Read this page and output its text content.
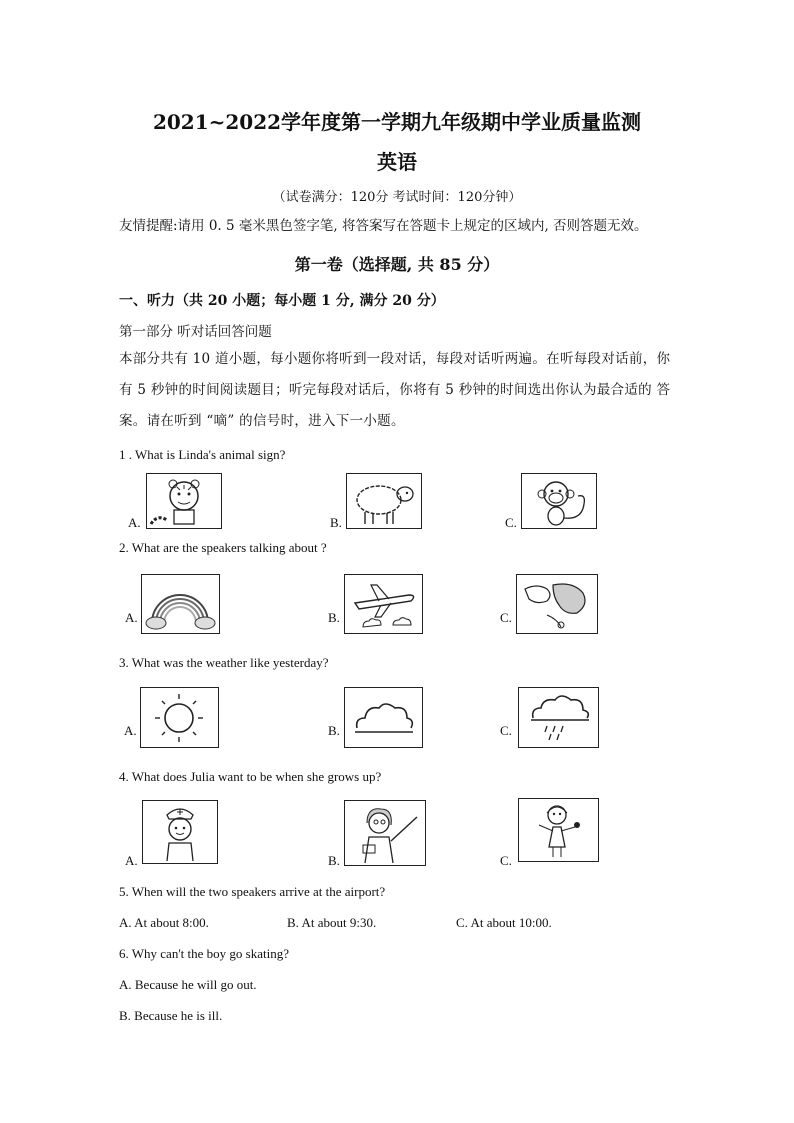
2021~2022学年度第一学期九年级期中学业质量监测
英语
（试卷满分：120分 考试时间：120分钟）
友情提醒:请用 0. 5 毫米黑色签字笔, 将答案写在答题卡上规定的区域内, 否则答题无效。
第一卷（选择题, 共 85 分）
一、听力（共 20 小题；每小题 1 分, 满分 20 分）
第一部分 听对话回答问题
本部分共有 10 道小题，每小题你将听到一段对话，每段对话听两遍。在听每段对话前，你有 5 秒钟的时间阅读题目；听完每段对话后，你将有 5 秒钟的时间选出你认为最合适的 答案。请在听到 “嘀” 的信号时，进入下一小题。
1 . What is Linda's animal sign?
A.	B.	C.
2. What are the speakers talking about ?
A.	B.	C.
3. What was the weather like yesterday?
A.	B.	C.
4. What does Julia want to be when she grows up?
A.	B.	C.
5. When will the two speakers arrive at the airport?
A. At about 8:00.	B. At about 9:30.	C. At about 10:00.
6. Why can't the boy go skating?
A. Because he will go out.
B. Because he is ill.
